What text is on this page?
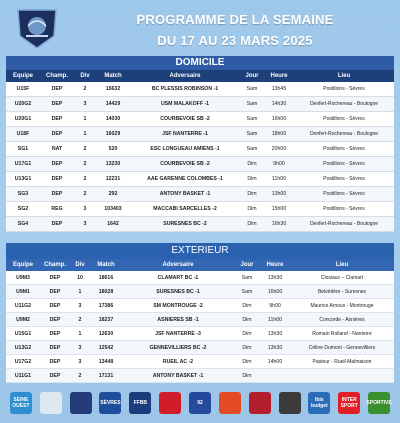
PROGRAMME DE LA SEMAINE
DU 17 AU 23 MARS 2025
DOMICILE
Equipe	Champ.	Div	Match	Adversaire	Jour	Heure	Lieu
U15F	DEP	2	15632	BC PLESSIS ROBINSON -1	Sam	13h45	Postillons - Sèvres
U20G2	DEP	3	14429	USM MALAKOFF -1	Sam	14h30	Denfert-Rochereau - Boulogne
U20G1	DEP	1	14030	COURBEVOIE SB -2	Sam	16h00	Postillons - Sèvres
U18F	DEP	1	16029	JSF NANTERRE -1	Sam	18h00	Denfert-Rochereau - Boulogne
SG1	NAT	2	520	ESC LONGUEAU AMIENS -1	Sam	20h00	Postillons - Sèvres
U17G1	DEP	2	13230	COURBEVOIE SB -2	Dim	9h00	Postillons - Sèvres
U13G1	DEP	2	12231	AAE GARENNE COLOMBES -1	Dim	11h00	Postillons - Sèvres
SG3	DEP	2	292	ANTONY BASKET -1	Dim	13h00	Postillons - Sèvres
SG2	REG	3	103403	MACCABI SARCELLES -2	Dim	15h00	Postillons - Sèvres
SG4	DEP	3	1642	SURESNES BC -2	Dim	16h30	Denfert-Rochereau - Boulogne
EXTERIEUR
Equipe	Champ.	Div	Match	Adversaire	Jour	Heure	Lieu
U9M3	DEP	10	18616	CLAMART BC -1	Sam	13h30	Closiaux – Clamart
U9M1	DEP	1	18028	SURESNES BC -1	Sam	16h00	Belvédère - Suresnes
U11G2	DEP	3	17386	SM MONTROUGE -2	Dim	9h00	Maurice Arnoux - Montrouge
U9M2	DEP	2	18237	ASNIERES SB -1	Dim	11h00	Concorde - Asnières
U15G1	DEP	1	12630	JSF NANTERRE -3	Dim	13h30	Romain Rolland - Nanterre
U13G2	DEP	3	12542	GENNEVILLIERS BC -2	Dim	13h30	Céline Dumont - Gennevilliers
U17G2	DEP	3	13448	RUEIL AC -2	Dim	14h00	Pasteur - Rueil-Malmaison
U11G1	DEP	2	17131	ANTONY BASKET -1	Dim		
SEINE OUEST	SÈVRES	FFBB	92	ibis budget
INTER SPORT	SPORTIVE
